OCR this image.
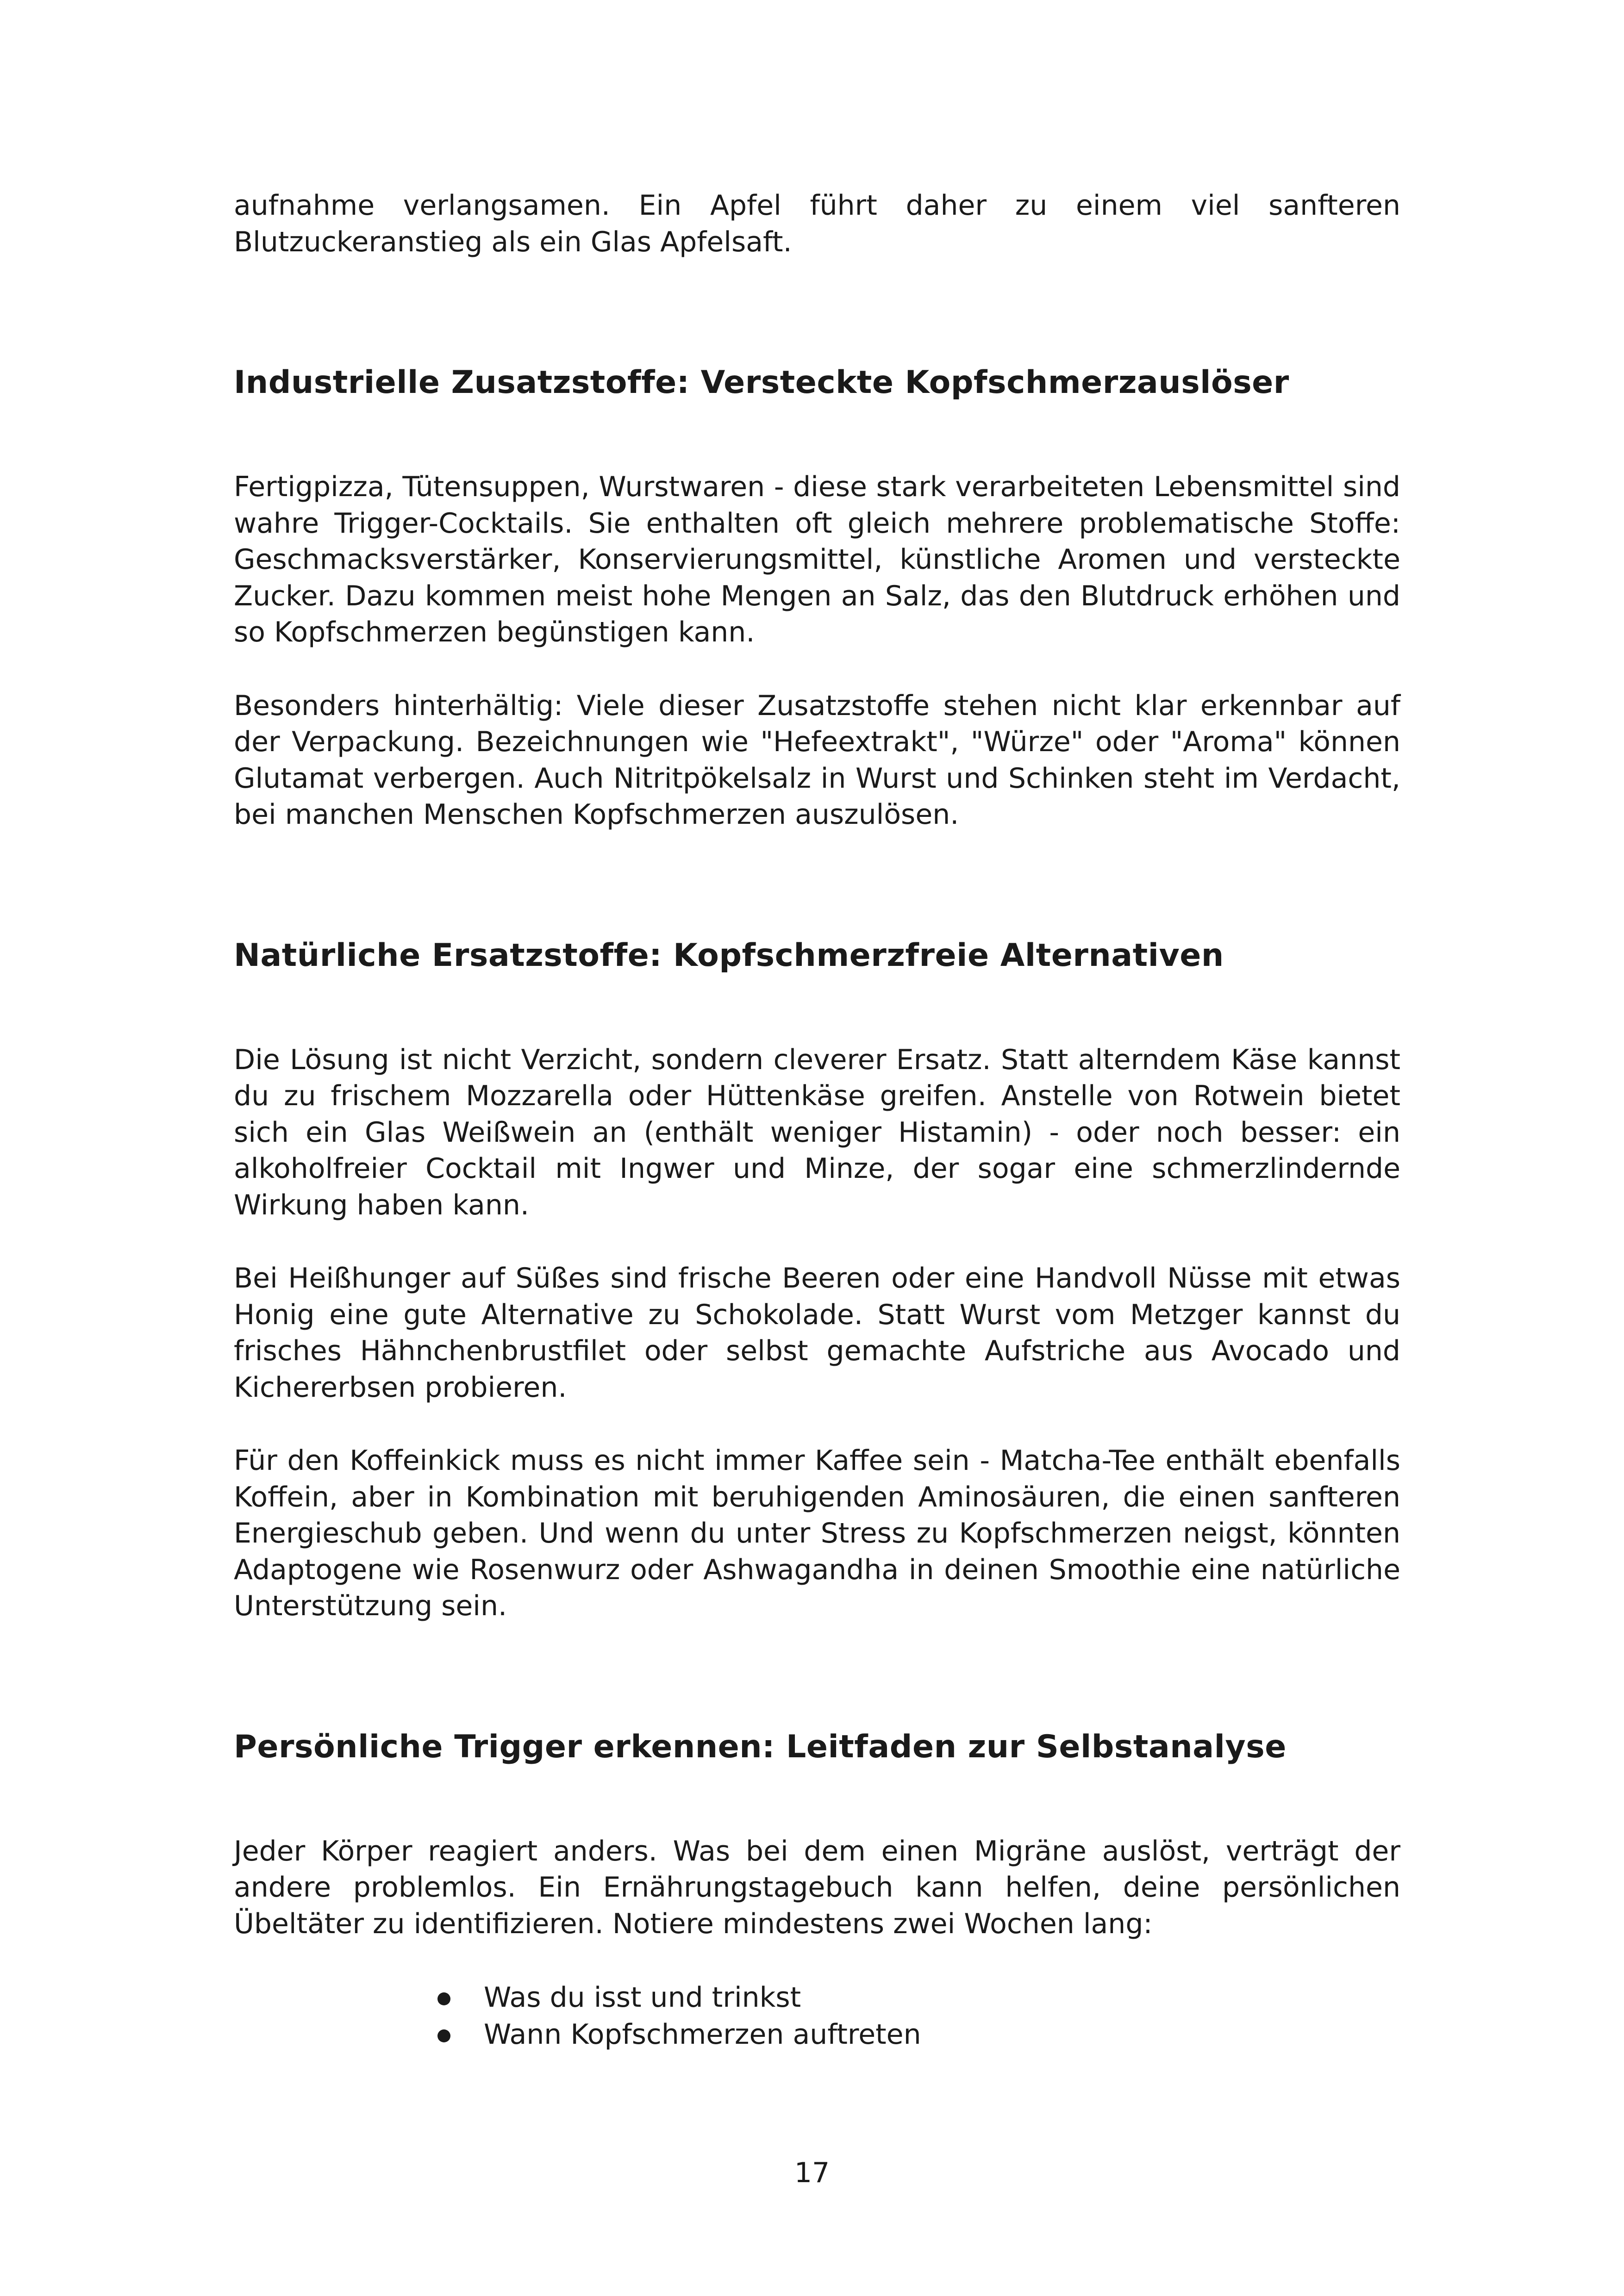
aufnahme verlangsamen. Ein Apfel führt daher zu einem viel sanfteren Blutzuckeranstieg als ein Glas Apfelsaft.

Industrielle Zusatzstoffe: Versteckte Kopfschmerzauslöser

Fertigpizza, Tütensuppen, Wurstwaren - diese stark verarbeiteten Lebensmittel sind wahre Trigger-Cocktails. Sie enthalten oft gleich mehrere problematische Stoffe: Geschmacksverstärker, Konservierungsmittel, künstliche Aromen und versteckte Zucker. Dazu kommen meist hohe Mengen an Salz, das den Blutdruck erhöhen und so Kopfschmerzen begünstigen kann.

Besonders hinterhältig: Viele dieser Zusatzstoffe stehen nicht klar erkennbar auf der Verpackung. Bezeichnungen wie "Hefeextrakt", "Würze" oder "Aroma" können Glutamat verbergen. Auch Nitritpökelsalz in Wurst und Schinken steht im Verdacht, bei manchen Menschen Kopfschmerzen auszulösen.

Natürliche Ersatzstoffe: Kopfschmerzfreie Alternativen

Die Lösung ist nicht Verzicht, sondern cleverer Ersatz. Statt alterndem Käse kannst du zu frischem Mozzarella oder Hüttenkäse greifen. Anstelle von Rotwein bietet sich ein Glas Weißwein an (enthält weniger Histamin) - oder noch besser: ein alkoholfreier Cocktail mit Ingwer und Minze, der sogar eine schmerzlindernde Wirkung haben kann.

Bei Heißhunger auf Süßes sind frische Beeren oder eine Handvoll Nüsse mit etwas Honig eine gute Alternative zu Schokolade. Statt Wurst vom Metzger kannst du frisches Hähnchenbrustfilet oder selbst gemachte Aufstriche aus Avocado und Kichererbsen probieren.

Für den Koffeinkick muss es nicht immer Kaffee sein - Matcha-Tee enthält ebenfalls Koffein, aber in Kombination mit beruhigenden Aminosäuren, die einen sanfteren Energieschub geben. Und wenn du unter Stress zu Kopfschmerzen neigst, könnten Adaptogene wie Rosenwurz oder Ashwagandha in deinen Smoothie eine natürliche Unterstützung sein.

Persönliche Trigger erkennen: Leitfaden zur Selbstanalyse

Jeder Körper reagiert anders. Was bei dem einen Migräne auslöst, verträgt der andere problemlos. Ein Ernährungstagebuch kann helfen, deine persönlichen Übeltäter zu identifizieren. Notiere mindestens zwei Wochen lang:

Was du isst und trinkst
Wann Kopfschmerzen auftreten
17
